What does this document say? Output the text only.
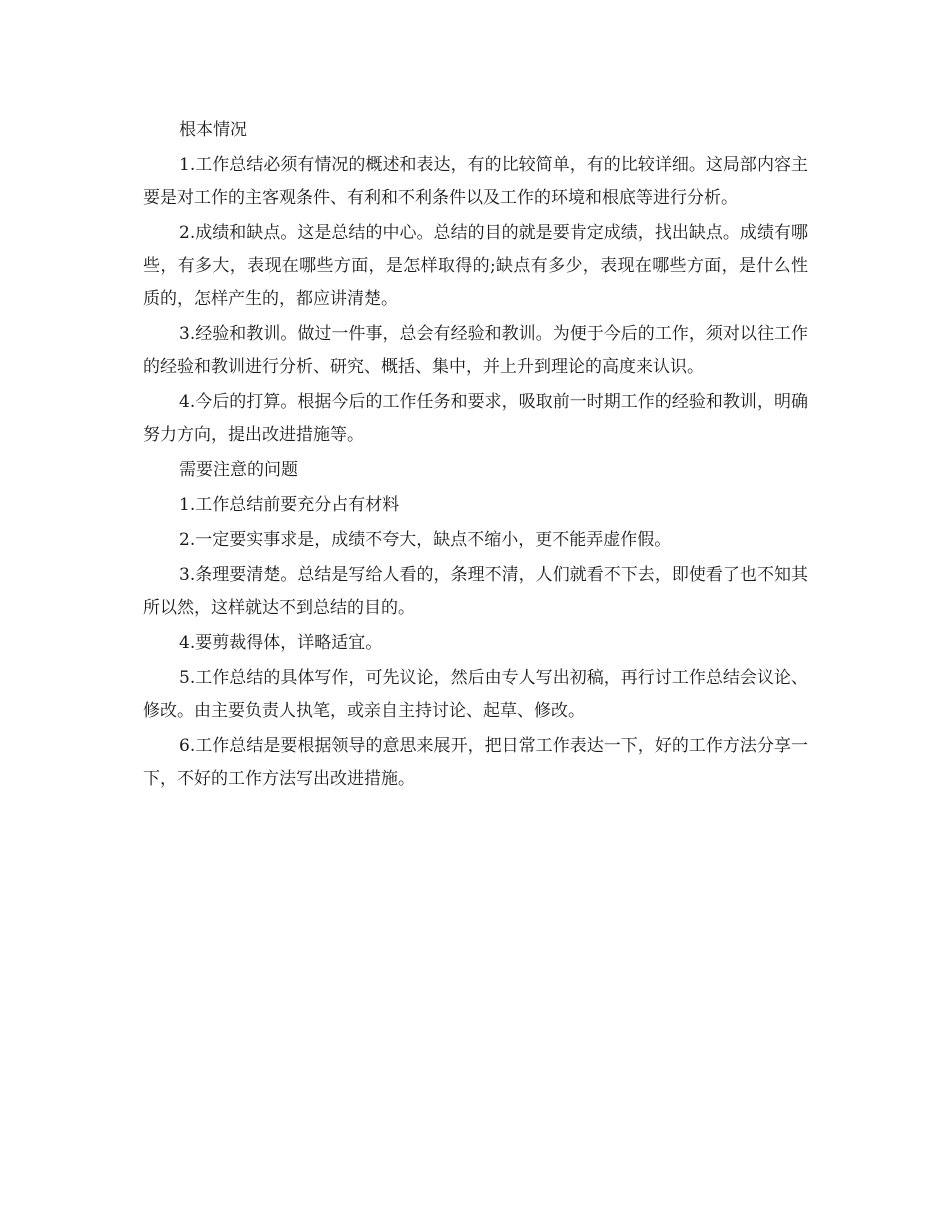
根本情况

1.工作总结必须有情况的概述和表达，有的比较简单，有的比较详细。这局部内容主要是对工作的主客观条件、有利和不利条件以及工作的环境和根底等进行分析。

2.成绩和缺点。这是总结的中心。总结的目的就是要肯定成绩，找出缺点。成绩有哪些，有多大，表现在哪些方面，是怎样取得的;缺点有多少，表现在哪些方面，是什么性质的，怎样产生的，都应讲清楚。

3.经验和教训。做过一件事，总会有经验和教训。为便于今后的工作，须对以往工作的经验和教训进行分析、研究、概括、集中，并上升到理论的高度来认识。

4.今后的打算。根据今后的工作任务和要求，吸取前一时期工作的经验和教训，明确努力方向，提出改进措施等。

需要注意的问题

1.工作总结前要充分占有材料

2.一定要实事求是，成绩不夸大，缺点不缩小，更不能弄虚作假。

3.条理要清楚。总结是写给人看的，条理不清，人们就看不下去，即使看了也不知其所以然，这样就达不到总结的目的。

4.要剪裁得体，详略适宜。

5.工作总结的具体写作，可先议论，然后由专人写出初稿，再行讨工作总结会议论、修改。由主要负责人执笔，或亲自主持讨论、起草、修改。

6.工作总结是要根据领导的意思来展开，把日常工作表达一下，好的工作方法分享一下，不好的工作方法写出改进措施。
